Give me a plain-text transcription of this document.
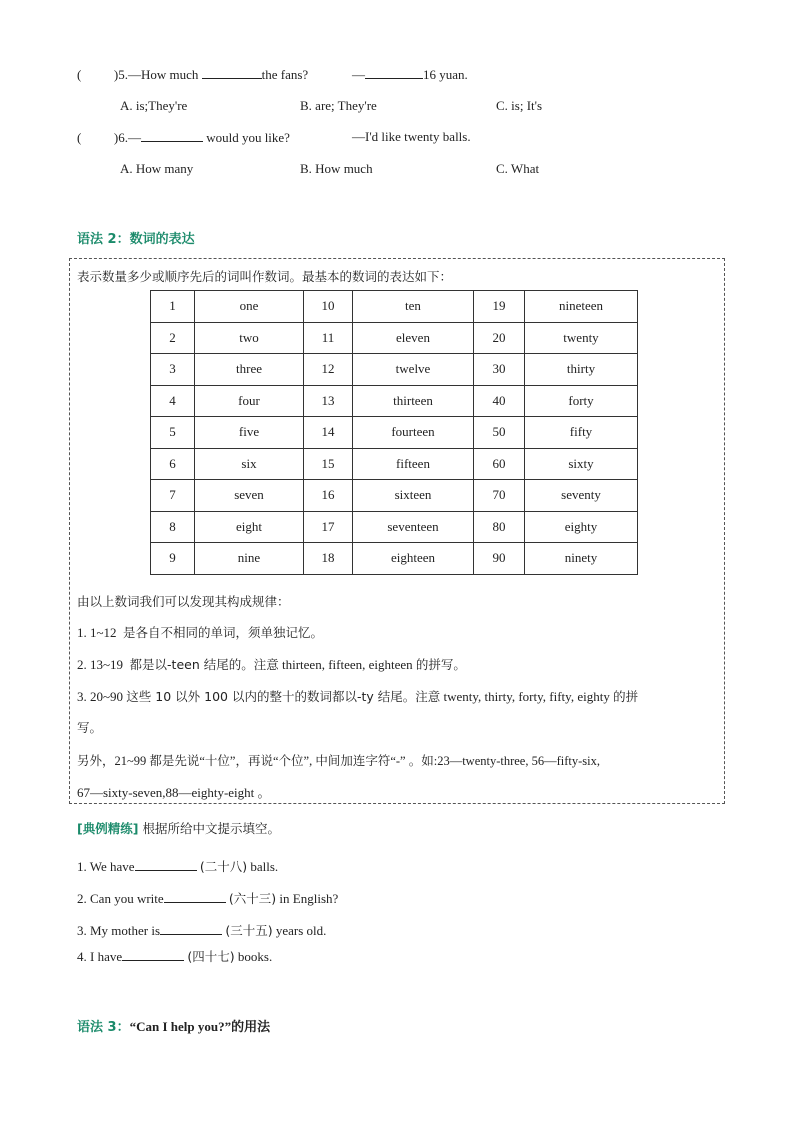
(	)5.—How much	the fans?	—	16 yuan.
A. is;They're	B. are; They're	C. is; It's
(	)6.—	would you like?	—I'd like twenty balls.
A. How many	B. How much	C. What
语法 2：数词的表达
表示数量多少或顺序先后的词叫作数词。最基本的数词的表达如下：
1	one	10	ten	19	nineteen
2	two	11	eleven	20	twenty
3	three	12	twelve	30	thirty
4	four	13	thirteen	40	forty
5	five	14	fourteen	50	fifty
6	six	15	fifteen	60	sixty
7	seven	16	sixteen	70	seventy
8	eight	17	seventeen	80	eighty
9	nine	18	eighteen	90	ninety
由以上数词我们可以发现其构成规律：
1. 1~12 是各自不相同的单词，须单独记忆。
2. 13~19 都是以-teen 结尾的。注意 thirteen, fifteen, eighteen 的拼写。
3. 20~90 这些 10 以外 100 以内的整十的数词都以-ty 结尾。注意 twenty, thirty, forty, fifty, eighty 的拼
写。
另外，21~99 都是先说“十位”，再说“个位”, 中间加连字符“-” 。如:23—twenty-three, 56—fifty-six,
67—sixty-seven,88—eighty-eight 。
[典例精练] 根据所给中文提示填空。
1. We have	(二十八) balls.
2. Can you write	(六十三) in English?
3. My mother is	(三十五) years old.
4. I have	(四十七) books.
语法 3：“Can I help you?”的用法
